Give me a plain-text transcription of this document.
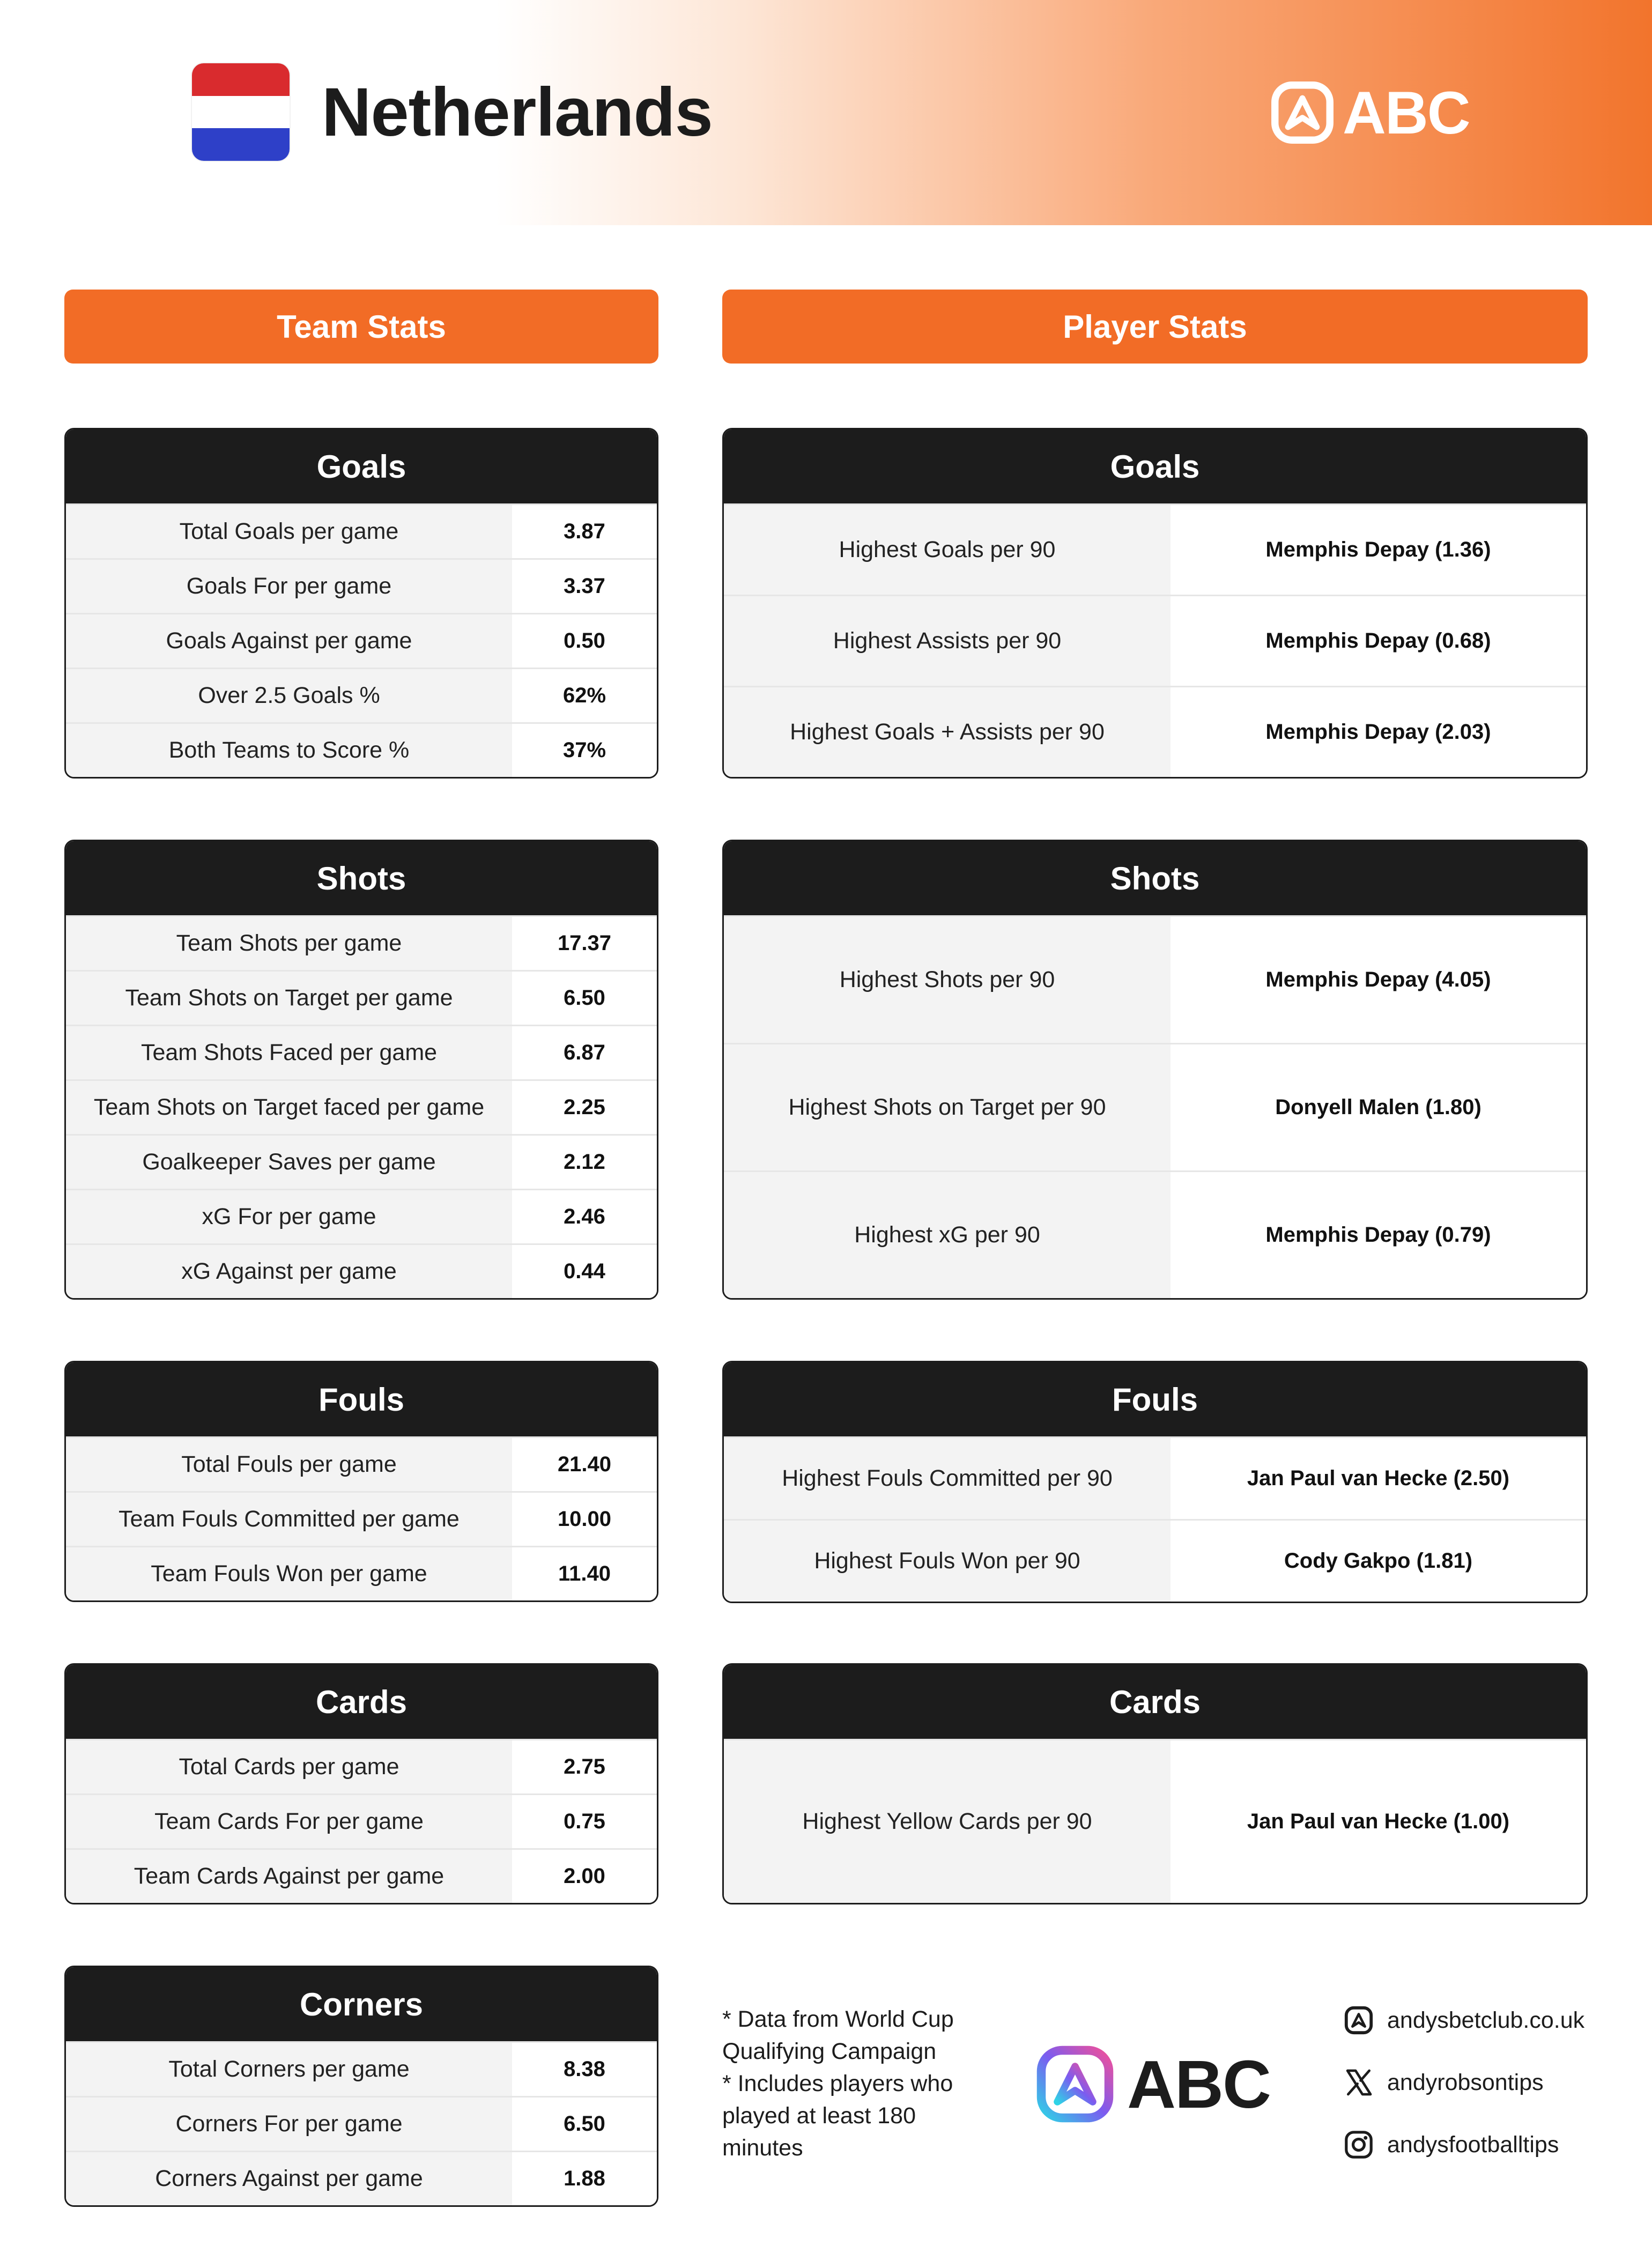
Netherlands	ABC
Team Stats	Player Stats
Goals
Total Goals per game	3.87
Goals For per game	3.37
Goals Against per game	0.50
Over 2.5 Goals %	62%
Both Teams to Score %	37%
Shots
Team Shots per game	17.37
Team Shots on Target per game	6.50
Team Shots Faced per game	6.87
Team Shots on Target faced per game	2.25
Goalkeeper Saves per game	2.12
xG For per game	2.46
xG Against per game	0.44
Fouls
Total Fouls per game	21.40
Team Fouls Committed per game	10.00
Team Fouls Won per game	11.40
Cards
Total Cards per game	2.75
Team Cards For per game	0.75
Team Cards Against per game	2.00
Corners
Total Corners per game	8.38
Corners For per game	6.50
Corners Against per game	1.88
Goals
Highest Goals per 90	Memphis Depay (1.36)
Highest Assists per 90	Memphis Depay (0.68)
Highest Goals + Assists per 90	Memphis Depay (2.03)
Shots
Highest Shots per 90	Memphis Depay (4.05)
Highest Shots on Target per 90	Donyell Malen (1.80)
Highest xG per 90	Memphis Depay (0.79)
Fouls
Highest Fouls Committed per 90	Jan Paul van Hecke (2.50)
Highest Fouls Won per 90	Cody Gakpo (1.81)
Cards
Highest Yellow Cards per 90	Jan Paul van Hecke (1.00)
* Data from World Cup Qualifying Campaign
* Includes players who played at least 180 minutes
ABC
andysbetclub.co.uk
andyrobsontips
andysfootballtips
